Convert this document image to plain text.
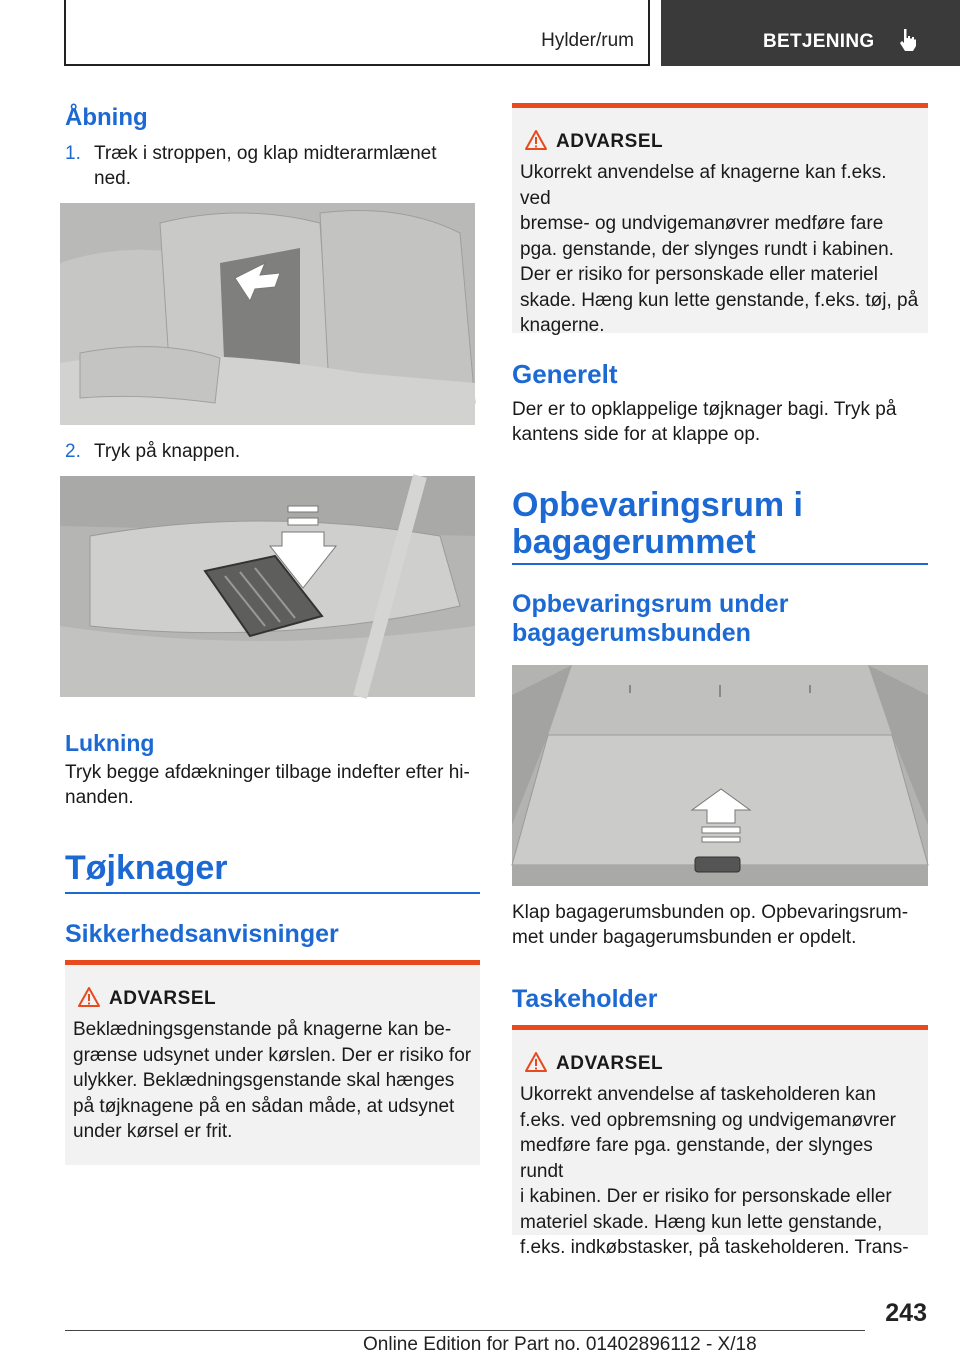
Hylder/rum	BETJENING
Åbning
1. Træk i stroppen, og klap midterarmlænet
ned.
2. Tryk på knappen.
Lukning
Tryk begge afdækninger tilbage indefter efter hi-
nanden.
Tøjknager
Sikkerhedsanvisninger
ADVARSEL
Beklædningsgenstande på knagerne kan be-
grænse udsynet under kørslen. Der er risiko for
ulykker. Beklædningsgenstande skal hænges
på tøjknagene på en sådan måde, at udsynet
under kørsel er frit.
ADVARSEL
Ukorrekt anvendelse af knagerne kan f.eks. ved
bremse- og undvigemanøvrer medføre fare
pga. genstande, der slynges rundt i kabinen.
Der er risiko for personskade eller materiel
skade. Hæng kun lette genstande, f.eks. tøj, på
knagerne.
Generelt
Der er to opklappelige tøjknager bagi. Tryk på
kantens side for at klappe op.
Opbevaringsrum i
bagagerummet
Opbevaringsrum under
bagagerumsbunden
Klap bagagerumsbunden op. Opbevaringsrum-
met under bagagerumsbunden er opdelt.
Taskeholder
ADVARSEL
Ukorrekt anvendelse af taskeholderen kan
f.eks. ved opbremsning og undvigemanøvrer
medføre fare pga. genstande, der slynges rundt
i kabinen. Der er risiko for personskade eller
materiel skade. Hæng kun lette genstande,
f.eks. indkøbstasker, på taskeholderen. Trans-
243
Online Edition for Part no. 01402896112 - X/18
